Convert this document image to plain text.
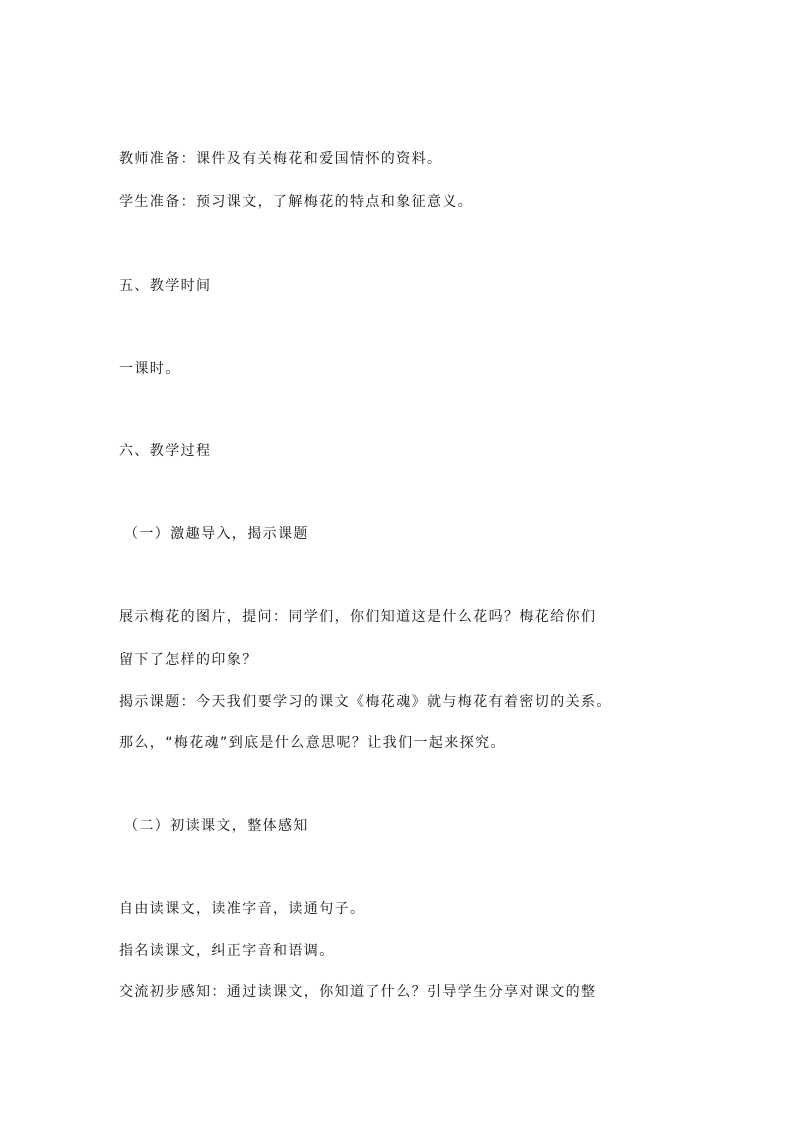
教师准备：课件及有关梅花和爱国情怀的资料。
学生准备：预习课文，了解梅花的特点和象征意义。
五、教学时间
一课时。
六、教学过程
（一）激趣导入，揭示课题
展示梅花的图片，提问：同学们，你们知道这是什么花吗？梅花给你们
留下了怎样的印象？
揭示课题：今天我们要学习的课文《梅花魂》就与梅花有着密切的关系。
那么，“梅花魂”到底是什么意思呢？让我们一起来探究。
（二）初读课文，整体感知
自由读课文，读准字音，读通句子。
指名读课文，纠正字音和语调。
交流初步感知：通过读课文，你知道了什么？引导学生分享对课文的整
